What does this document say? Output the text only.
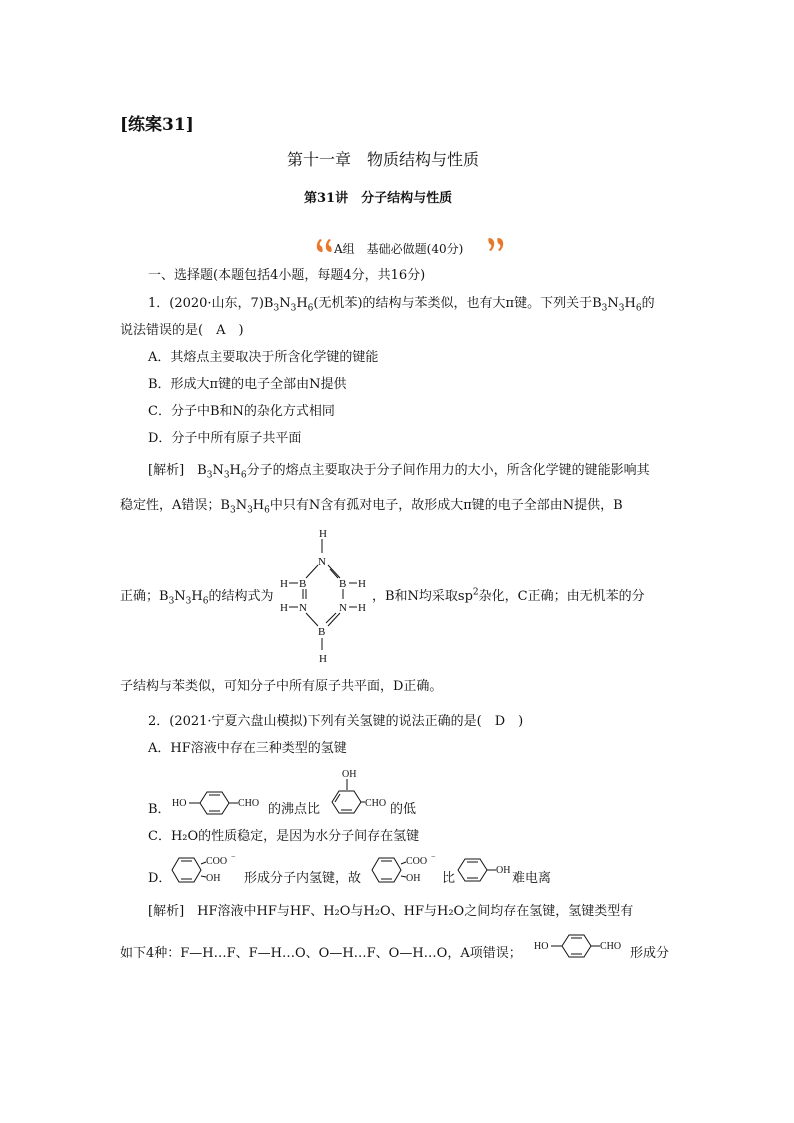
[练案31]
第十一章　物质结构与性质
第31讲　分子结构与性质
A组　基础必做题(40分)
一、选择题(本题包括4小题，每题4分，共16分)
1．(2020·山东，$7)B_3N_3H_6$(无机苯)的结构与苯类似，也有大π键。下列关于$B_3N_3H_6$的
说法错误的是(　A　)
A．其熔点主要取决于所含化学键的键能
B．形成大π键的电子全部由N提供
C．分子中B和N的杂化方式相同
D．分子中所有原子共平面
[解析]　$B_3N_3H_6$分子的熔点主要取决于分子间作用力的大小，所含化学键的键能影响其
稳定性，A错误；$B_3N_3H_6$中只有N含有孤对电子，故形成大π键的电子全部由N提供，B
H
N
B	B
H	H
N	N
H	H
B
H
正确；$B_3N_3H_6$的结构式为	，B和N均采取$sp^2$杂化，C正确；由无机苯的分
子结构与苯类似，可知分子中所有原子共平面，D正确。
2．(2021·宁夏六盘山模拟)下列有关氢键的说法正确的是(　D　)
A．HF溶液中存在三种类型的氢键
B． HO	CHO 的沸点比
OH
CHO 的低
C．H₂O的性质稳定，是因为水分子间存在氢键
D．
COO −
OH 形成分子内氢键，故
COO −
OH 比
OH
难电离
[解析]　HF溶液中HF与HF、H₂O与H₂O、HF与H₂O之间均存在氢键，氢键类型有
如下4种：F—H…F、F—H…O、O—H…F、O—H…O，A项错误； HO	CHO 形成分
